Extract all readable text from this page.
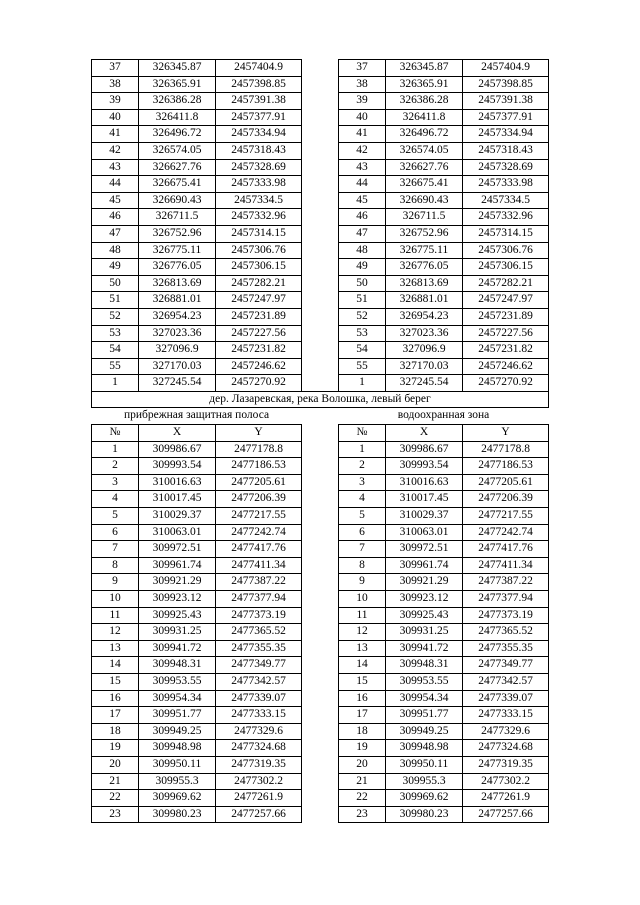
37	326345.87	2457404.9		37	326345.87	2457404.9
38	326365.91	2457398.85		38	326365.91	2457398.85
39	326386.28	2457391.38		39	326386.28	2457391.38
40	326411.8	2457377.91		40	326411.8	2457377.91
41	326496.72	2457334.94		41	326496.72	2457334.94
42	326574.05	2457318.43		42	326574.05	2457318.43
43	326627.76	2457328.69		43	326627.76	2457328.69
44	326675.41	2457333.98		44	326675.41	2457333.98
45	326690.43	2457334.5		45	326690.43	2457334.5
46	326711.5	2457332.96		46	326711.5	2457332.96
47	326752.96	2457314.15		47	326752.96	2457314.15
48	326775.11	2457306.76		48	326775.11	2457306.76
49	326776.05	2457306.15		49	326776.05	2457306.15
50	326813.69	2457282.21		50	326813.69	2457282.21
51	326881.01	2457247.97		51	326881.01	2457247.97
52	326954.23	2457231.89		52	326954.23	2457231.89
53	327023.36	2457227.56		53	327023.36	2457227.56
54	327096.9	2457231.82		54	327096.9	2457231.82
55	327170.03	2457246.62		55	327170.03	2457246.62
1	327245.54	2457270.92		1	327245.54	2457270.92
дер. Лазаревская, река Волошка, левый берег						
прибрежная защитная полоса				водоохранная зона		
№	X	Y		№	X	Y
1	309986.67	2477178.8		1	309986.67	2477178.8
2	309993.54	2477186.53		2	309993.54	2477186.53
3	310016.63	2477205.61		3	310016.63	2477205.61
4	310017.45	2477206.39		4	310017.45	2477206.39
5	310029.37	2477217.55		5	310029.37	2477217.55
6	310063.01	2477242.74		6	310063.01	2477242.74
7	309972.51	2477417.76		7	309972.51	2477417.76
8	309961.74	2477411.34		8	309961.74	2477411.34
9	309921.29	2477387.22		9	309921.29	2477387.22
10	309923.12	2477377.94		10	309923.12	2477377.94
11	309925.43	2477373.19		11	309925.43	2477373.19
12	309931.25	2477365.52		12	309931.25	2477365.52
13	309941.72	2477355.35		13	309941.72	2477355.35
14	309948.31	2477349.77		14	309948.31	2477349.77
15	309953.55	2477342.57		15	309953.55	2477342.57
16	309954.34	2477339.07		16	309954.34	2477339.07
17	309951.77	2477333.15		17	309951.77	2477333.15
18	309949.25	2477329.6		18	309949.25	2477329.6
19	309948.98	2477324.68		19	309948.98	2477324.68
20	309950.11	2477319.35		20	309950.11	2477319.35
21	309955.3	2477302.2		21	309955.3	2477302.2
22	309969.62	2477261.9		22	309969.62	2477261.9
23	309980.23	2477257.66		23	309980.23	2477257.66
